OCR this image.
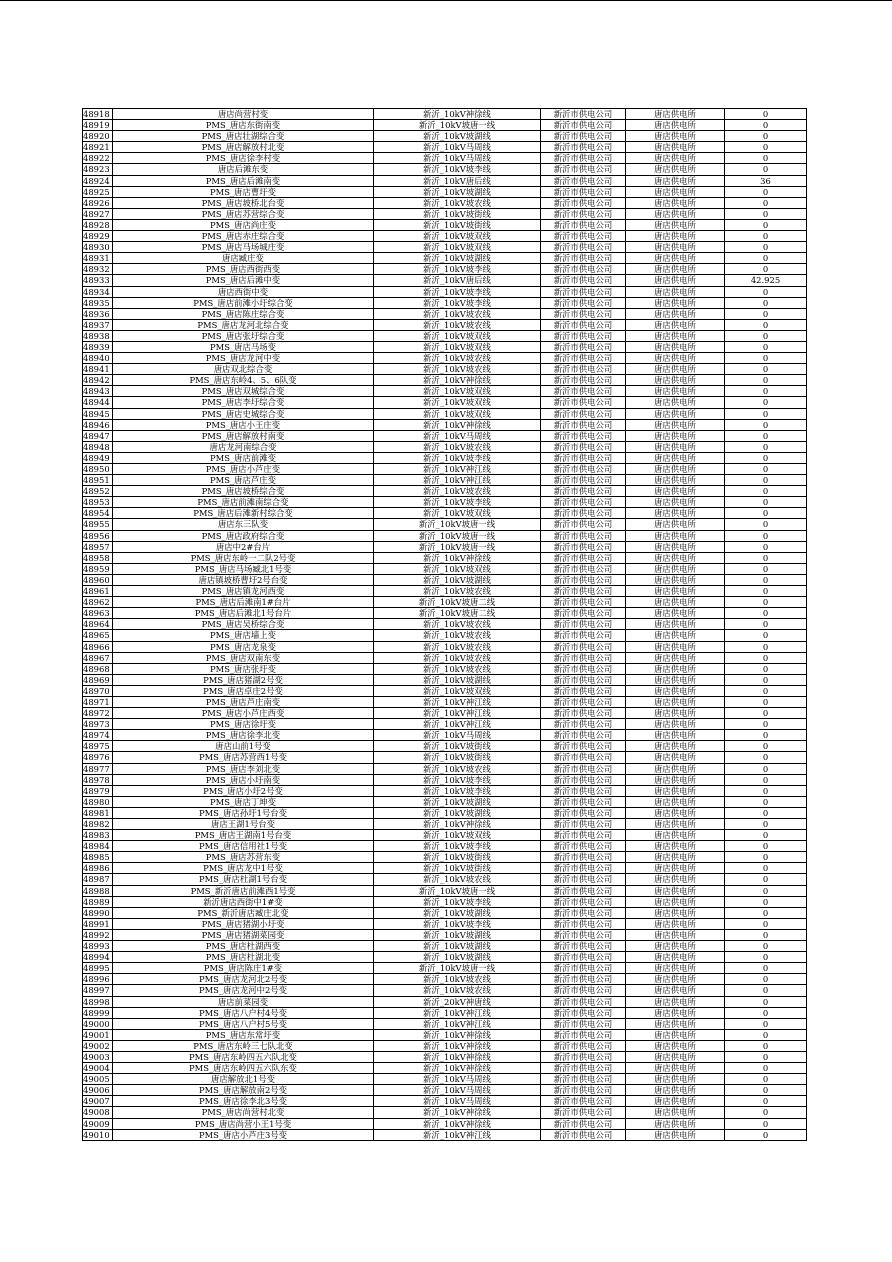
48918	唐店尚营村变	新沂_10kV神徐线	新沂市供电公司	唐店供电所	0
48919	PMS_唐店东街南变	新沂_10kV坡唐一线	新沂市供电公司	唐店供电所	0
48920	PMS_唐店壮湖综合变	新沂_10kV坡湖线	新沂市供电公司	唐店供电所	0
48921	PMS_唐店解放村北变	新沂_10kV马周线	新沂市供电公司	唐店供电所	0
48922	PMS_唐店徐李村变	新沂_10kV马周线	新沂市供电公司	唐店供电所	0
48923	唐店后滩东变	新沂_10kV坡李线	新沂市供电公司	唐店供电所	0
48924	PMS_唐店后滩南变	新沂_10kV唐后线	新沂市供电公司	唐店供电所	36
48925	PMS_唐店曹圩变	新沂_10kV坡湖线	新沂市供电公司	唐店供电所	0
48926	PMS_唐店坡桥北台变	新沂_10kV坡农线	新沂市供电公司	唐店供电所	0
48927	PMS_唐店苏营综合变	新沂_10kV坡街线	新沂市供电公司	唐店供电所	0
48928	PMS_唐店尚庄变	新沂_10kV坡街线	新沂市供电公司	唐店供电所	0
48929	PMS_唐店赤庄综合变	新沂_10kV坡双线	新沂市供电公司	唐店供电所	0
48930	PMS_唐店马场城庄变	新沂_10kV坡双线	新沂市供电公司	唐店供电所	0
48931	唐店臧庄变	新沂_10kV坡湖线	新沂市供电公司	唐店供电所	0
48932	PMS_唐店西街西变	新沂_10kV坡李线	新沂市供电公司	唐店供电所	0
48933	PMS_唐店后滩中变	新沂_10kV唐后线	新沂市供电公司	唐店供电所	42.925
48934	唐店西街中变	新沂_10kV坡李线	新沂市供电公司	唐店供电所	0
48935	PMS_唐店前滩小圩综合变	新沂_10kV坡李线	新沂市供电公司	唐店供电所	0
48936	PMS_唐店陈庄综合变	新沂_10kV坡农线	新沂市供电公司	唐店供电所	0
48937	PMS_唐店龙河北综合变	新沂_10kV坡农线	新沂市供电公司	唐店供电所	0
48938	PMS_唐店张圩综合变	新沂_10kV坡双线	新沂市供电公司	唐店供电所	0
48939	PMS_唐店马场变	新沂_10kV坡双线	新沂市供电公司	唐店供电所	0
48940	PMS_唐店龙河中变	新沂_10kV坡农线	新沂市供电公司	唐店供电所	0
48941	唐店双北综合变	新沂_10kV坡农线	新沂市供电公司	唐店供电所	0
48942	PMS_唐店东岭4、5、6队变	新沂_10kV神徐线	新沂市供电公司	唐店供电所	0
48943	PMS_唐店双城综合变	新沂_10kV坡双线	新沂市供电公司	唐店供电所	0
48944	PMS_唐店李圩综合变	新沂_10kV坡双线	新沂市供电公司	唐店供电所	0
48945	PMS_唐店史城综合变	新沂_10kV坡双线	新沂市供电公司	唐店供电所	0
48946	PMS_唐店小王庄变	新沂_10kV神徐线	新沂市供电公司	唐店供电所	0
48947	PMS_唐店解放村南变	新沂_10kV马周线	新沂市供电公司	唐店供电所	0
48948	唐店龙河南综合变	新沂_10kV坡农线	新沂市供电公司	唐店供电所	0
48949	PMS_唐店前滩变	新沂_10kV坡李线	新沂市供电公司	唐店供电所	0
48950	PMS_唐店小芦庄变	新沂_10kV神江线	新沂市供电公司	唐店供电所	0
48951	PMS_唐店芦庄变	新沂_10kV神江线	新沂市供电公司	唐店供电所	0
48952	PMS_唐店坡桥综合变	新沂_10kV坡农线	新沂市供电公司	唐店供电所	0
48953	PMS_唐店前滩南综合变	新沂_10kV坡李线	新沂市供电公司	唐店供电所	0
48954	PMS_唐店后滩新村综合变	新沂_10kV坡双线	新沂市供电公司	唐店供电所	0
48955	唐店东三队变	新沂_10kV坡唐一线	新沂市供电公司	唐店供电所	0
48956	PMS_唐店政府综合变	新沂_10kV坡唐一线	新沂市供电公司	唐店供电所	0
48957	唐店中2#台片	新沂_10kV坡唐一线	新沂市供电公司	唐店供电所	0
48958	PMS_唐店东岭一二队2号变	新沂_10kV神徐线	新沂市供电公司	唐店供电所	0
48959	PMS_唐店马场臧北1号变	新沂_10kV坡双线	新沂市供电公司	唐店供电所	0
48960	唐店镇坡桥曹圩2号台变	新沂_10kV坡湖线	新沂市供电公司	唐店供电所	0
48961	PMS_唐店镇龙河西变	新沂_10kV坡农线	新沂市供电公司	唐店供电所	0
48962	PMS_唐店后滩南1#台片	新沂_10kV坡唐二线	新沂市供电公司	唐店供电所	0
48963	PMS_唐店后滩北1号台片	新沂_10kV坡唐二线	新沂市供电公司	唐店供电所	0
48964	PMS_唐店吴桥综合变	新沂_10kV坡农线	新沂市供电公司	唐店供电所	0
48965	PMS_唐店墙上变	新沂_10kV坡农线	新沂市供电公司	唐店供电所	0
48966	PMS_唐店龙泉变	新沂_10kV坡农线	新沂市供电公司	唐店供电所	0
48967	PMS_唐店双南东变	新沂_10kV坡农线	新沂市供电公司	唐店供电所	0
48968	PMS_唐店张圩变	新沂_10kV坡农线	新沂市供电公司	唐店供电所	0
48969	PMS_唐店猪湖2号变	新沂_10kV坡湖线	新沂市供电公司	唐店供电所	0
48970	PMS_唐店卓庄2号变	新沂_10kV坡双线	新沂市供电公司	唐店供电所	0
48971	PMS_唐店芦庄南变	新沂_10kV神江线	新沂市供电公司	唐店供电所	0
48972	PMS_唐店小芦庄西变	新沂_10kV神江线	新沂市供电公司	唐店供电所	0
48973	PMS_唐店徐圩变	新沂_10kV神江线	新沂市供电公司	唐店供电所	0
48974	PMS_唐店徐李北变	新沂_10kV马周线	新沂市供电公司	唐店供电所	0
48975	唐店山前1号变	新沂_10kV坡街线	新沂市供电公司	唐店供电所	0
48976	PMS_唐店苏营西1号变	新沂_10kV坡街线	新沂市供电公司	唐店供电所	0
48977	PMS_唐店李刘北变	新沂_10kV坡农线	新沂市供电公司	唐店供电所	0
48978	PMS_唐店小圩南变	新沂_10kV坡李线	新沂市供电公司	唐店供电所	0
48979	PMS_唐店小圩2号变	新沂_10kV坡李线	新沂市供电公司	唐店供电所	0
48980	PMS_唐店丁坤变	新沂_10kV坡湖线	新沂市供电公司	唐店供电所	0
48981	PMS_唐店孙圩1号台变	新沂_10kV坡湖线	新沂市供电公司	唐店供电所	0
48982	唐店王湖1号台变	新沂_10kV神徐线	新沂市供电公司	唐店供电所	0
48983	PMS_唐店王湖南1号台变	新沂_10kV坡双线	新沂市供电公司	唐店供电所	0
48984	PMS_唐店信用社1号变	新沂_10kV坡李线	新沂市供电公司	唐店供电所	0
48985	PMS_唐店苏营东变	新沂_10kV坡街线	新沂市供电公司	唐店供电所	0
48986	PMS_唐店龙中1号变	新沂_10kV坡街线	新沂市供电公司	唐店供电所	0
48987	PMS_唐店杜湖1号台变	新沂_10kV坡农线	新沂市供电公司	唐店供电所	0
48988	PMS_新沂唐店前滩西1号变	新沂_10kV坡唐一线	新沂市供电公司	唐店供电所	0
48989	新沂唐店西街中1#变	新沂_10kV坡李线	新沂市供电公司	唐店供电所	0
48990	PMS_新沂唐店臧庄北变	新沂_10kV坡湖线	新沂市供电公司	唐店供电所	0
48991	PMS_唐店猪湖小圩变	新沂_10kV坡李线	新沂市供电公司	唐店供电所	0
48992	PMS_唐店猪湖菜园变	新沂_10kV坡湖线	新沂市供电公司	唐店供电所	0
48993	PMS_唐店杜湖西变	新沂_10kV坡湖线	新沂市供电公司	唐店供电所	0
48994	PMS_唐店杜湖北变	新沂_10kV坡湖线	新沂市供电公司	唐店供电所	0
48995	PMS_唐店陈庄1#变	新沂_10kV坡唐一线	新沂市供电公司	唐店供电所	0
48996	PMS_唐店龙河北2号变	新沂_10kV坡农线	新沂市供电公司	唐店供电所	0
48997	PMS_唐店龙河中2号变	新沂_10kV坡农线	新沂市供电公司	唐店供电所	0
48998	唐店前菜园变	新沂_20kV神唐线	新沂市供电公司	唐店供电所	0
48999	PMS_唐店八户村4号变	新沂_10kV神江线	新沂市供电公司	唐店供电所	0
49000	PMS_唐店八户村5号变	新沂_10kV神江线	新沂市供电公司	唐店供电所	0
49001	PMS_唐店东常圩变	新沂_10kV神徐线	新沂市供电公司	唐店供电所	0
49002	PMS_唐店东岭三七队北变	新沂_10kV神徐线	新沂市供电公司	唐店供电所	0
49003	PMS_唐店东岭四五六队北变	新沂_10kV神徐线	新沂市供电公司	唐店供电所	0
49004	PMS_唐店东岭四五六队东变	新沂_10kV神徐线	新沂市供电公司	唐店供电所	0
49005	唐店解放北1号变	新沂_10kV马周线	新沂市供电公司	唐店供电所	0
49006	PMS_唐店解放南2号变	新沂_10kV马周线	新沂市供电公司	唐店供电所	0
49007	PMS_唐店徐李北3号变	新沂_10kV马周线	新沂市供电公司	唐店供电所	0
49008	PMS_唐店尚营村北变	新沂_10kV神徐线	新沂市供电公司	唐店供电所	0
49009	PMS_唐店尚营小王1号变	新沂_10kV神徐线	新沂市供电公司	唐店供电所	0
49010	PMS_唐店小芦庄3号变	新沂_10kV神江线	新沂市供电公司	唐店供电所	0
